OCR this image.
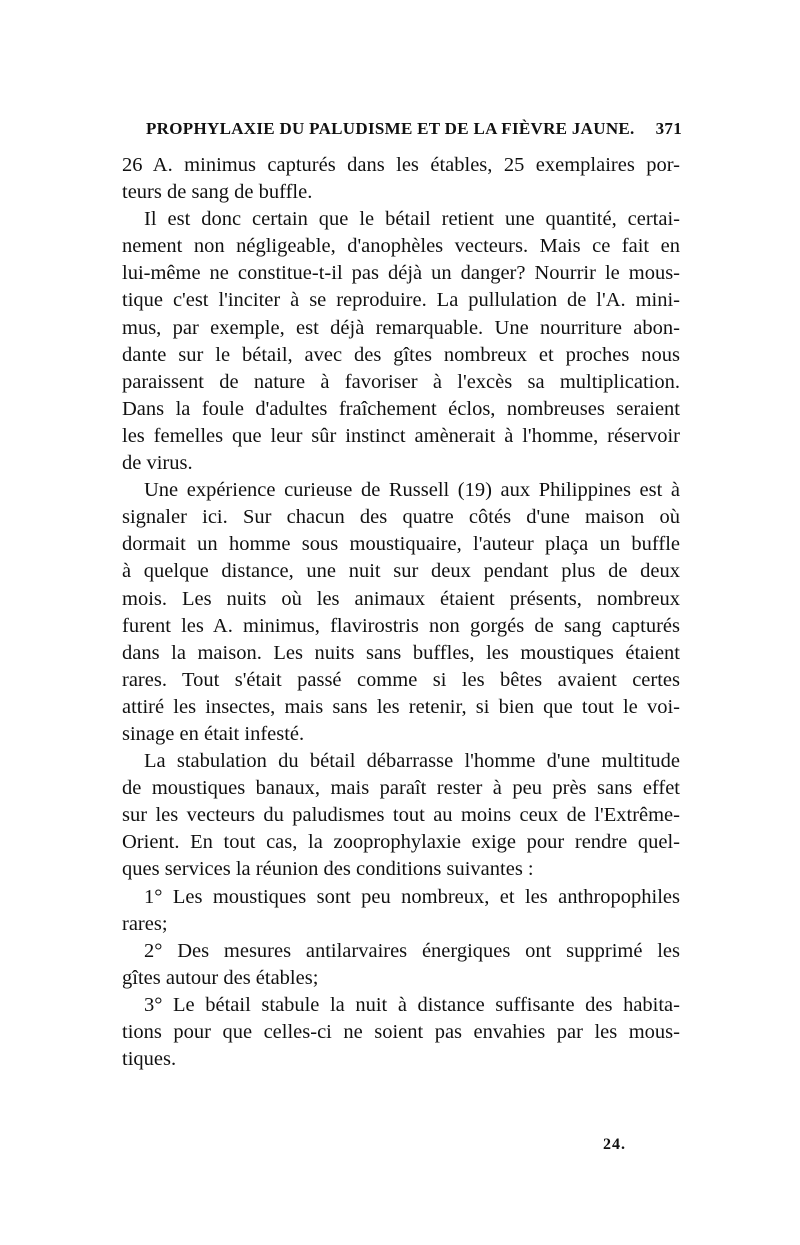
PROPHYLAXIE DU PALUDISME ET DE LA FIÈVRE JAUNE. 371
26 A. minimus capturés dans les étables, 25 exemplaires por-
teurs de sang de buffle.
Il est donc certain que le bétail retient une quantité, certai-
nement non négligeable, d'anophèles vecteurs. Mais ce fait en
lui-même ne constitue-t-il pas déjà un danger? Nourrir le mous-
tique c'est l'inciter à se reproduire. La pullulation de l'A. mini-
mus, par exemple, est déjà remarquable. Une nourriture abon-
dante sur le bétail, avec des gîtes nombreux et proches nous
paraissent de nature à favoriser à l'excès sa multiplication.
Dans la foule d'adultes fraîchement éclos, nombreuses seraient
les femelles que leur sûr instinct amènerait à l'homme, réservoir
de virus.
Une expérience curieuse de Russell (19) aux Philippines est à
signaler ici. Sur chacun des quatre côtés d'une maison où
dormait un homme sous moustiquaire, l'auteur plaça un buffle
à quelque distance, une nuit sur deux pendant plus de deux
mois. Les nuits où les animaux étaient présents, nombreux
furent les A. minimus, flavirostris non gorgés de sang capturés
dans la maison. Les nuits sans buffles, les moustiques étaient
rares. Tout s'était passé comme si les bêtes avaient certes
attiré les insectes, mais sans les retenir, si bien que tout le voi-
sinage en était infesté.
La stabulation du bétail débarrasse l'homme d'une multitude
de moustiques banaux, mais paraît rester à peu près sans effet
sur les vecteurs du paludismes tout au moins ceux de l'Extrême-
Orient. En tout cas, la zooprophylaxie exige pour rendre quel-
ques services la réunion des conditions suivantes :
1° Les moustiques sont peu nombreux, et les anthropophiles
rares;
2° Des mesures antilarvaires énergiques ont supprimé les
gîtes autour des étables;
3° Le bétail stabule la nuit à distance suffisante des habita-
tions pour que celles-ci ne soient pas envahies par les mous-
tiques.
24.
